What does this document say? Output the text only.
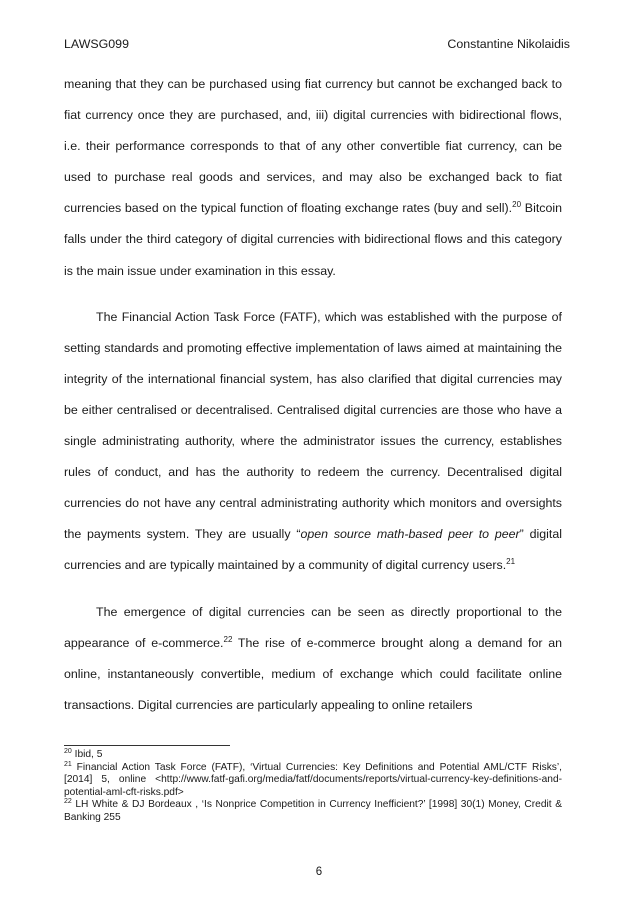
LAWSG099	Constantine Nikolaidis

meaning that they can be purchased using fiat currency but cannot be exchanged back to fiat currency once they are purchased, and, iii) digital currencies with bidirectional flows, i.e. their performance corresponds to that of any other convertible fiat currency, can be used to purchase real goods and services, and may also be exchanged back to fiat currencies based on the typical function of floating exchange rates (buy and sell).$^{20}$ Bitcoin falls under the third category of digital currencies with bidirectional flows and this category is the main issue under examination in this essay.

The Financial Action Task Force (FATF), which was established with the purpose of setting standards and promoting effective implementation of laws aimed at maintaining the integrity of the international financial system, has also clarified that digital currencies may be either centralised or decentralised. Centralised digital currencies are those who have a single administrating authority, where the administrator issues the currency, establishes rules of conduct, and has the authority to redeem the currency. Decentralised digital currencies do not have any central administrating authority which monitors and oversights the payments system. They are usually “open source math-based peer to peer” digital currencies and are typically maintained by a community of digital currency users.$^{21}$

The emergence of digital currencies can be seen as directly proportional to the appearance of e-commerce.$^{22}$ The rise of e-commerce brought along a demand for an online, instantaneously convertible, medium of exchange which could facilitate online transactions. Digital currencies are particularly appealing to online retailers

$^{20}$ Ibid, 5
$^{21}$ Financial Action Task Force (FATF), ‘Virtual Currencies: Key Definitions and Potential AML/CTF Risks’, [2014] 5, online <http://www.fatf-gafi.org/media/fatf/documents/reports/virtual-currency-key-definitions-and-potential-aml-cft-risks.pdf>
$^{22}$ LH White & DJ Bordeaux , ‘Is Nonprice Competition in Currency Inefficient?’ [1998] 30(1) Money, Credit & Banking 255
6
